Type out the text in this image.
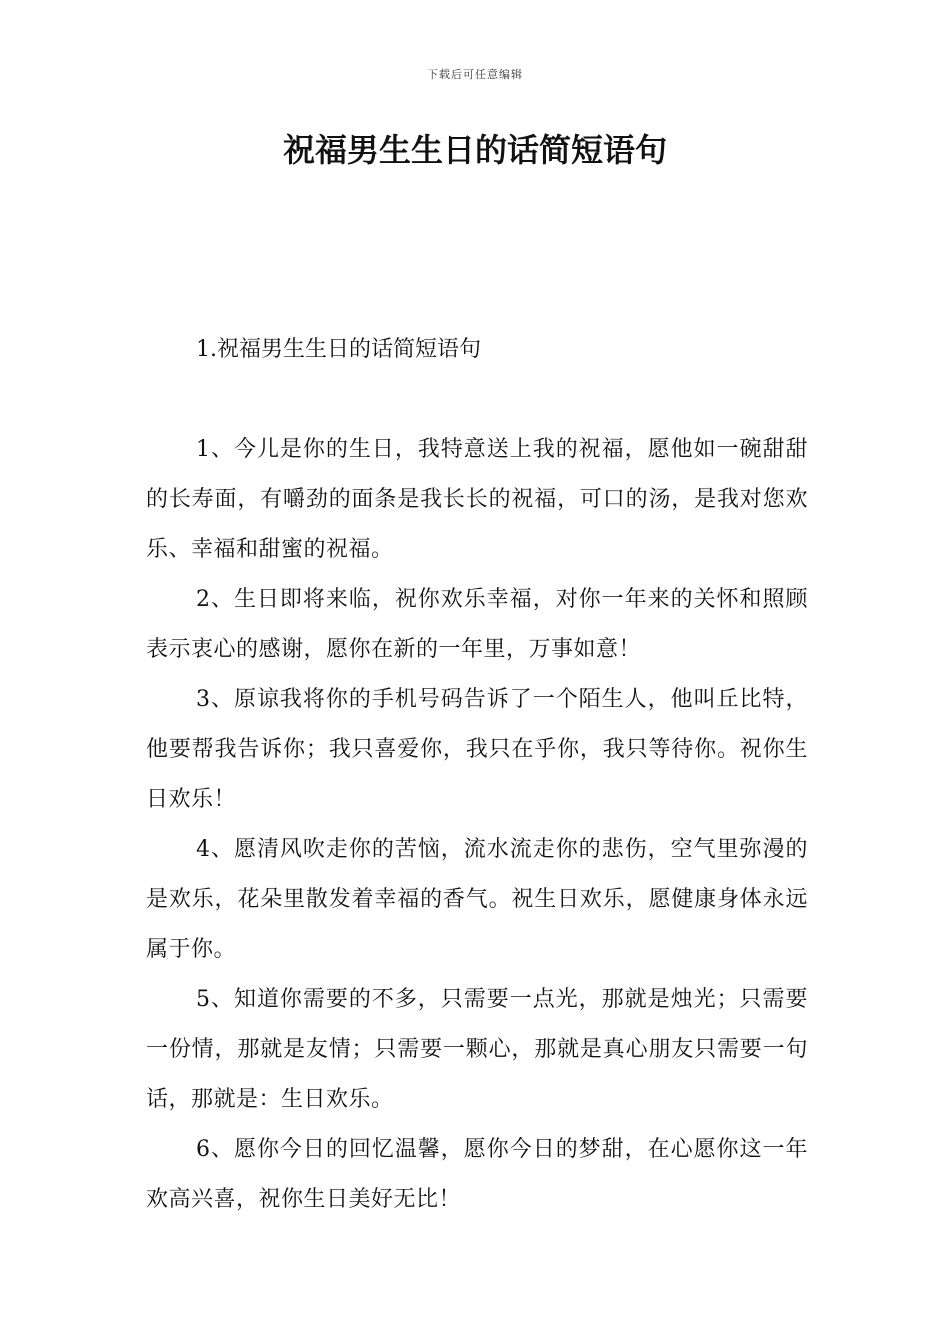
下载后可任意编辑
祝福男生生日的话简短语句
1.祝福男生生日的话简短语句

1、今儿是你的生日，我特意送上我的祝福，愿他如一碗甜甜的长寿面，有嚼劲的面条是我长长的祝福，可口的汤，是我对您欢乐、幸福和甜蜜的祝福。

2、生日即将来临，祝你欢乐幸福，对你一年来的关怀和照顾表示衷心的感谢，愿你在新的一年里，万事如意！

3、原谅我将你的手机号码告诉了一个陌生人，他叫丘比特，他要帮我告诉你；我只喜爱你，我只在乎你，我只等待你。祝你生日欢乐！

4、愿清风吹走你的苦恼，流水流走你的悲伤，空气里弥漫的是欢乐，花朵里散发着幸福的香气。祝生日欢乐，愿健康身体永远属于你。

5、知道你需要的不多，只需要一点光，那就是烛光；只需要一份情，那就是友情；只需要一颗心，那就是真心朋友只需要一句话，那就是：生日欢乐。

6、愿你今日的回忆温馨，愿你今日的梦甜，在心愿你这一年欢高兴喜，祝你生日美好无比！
